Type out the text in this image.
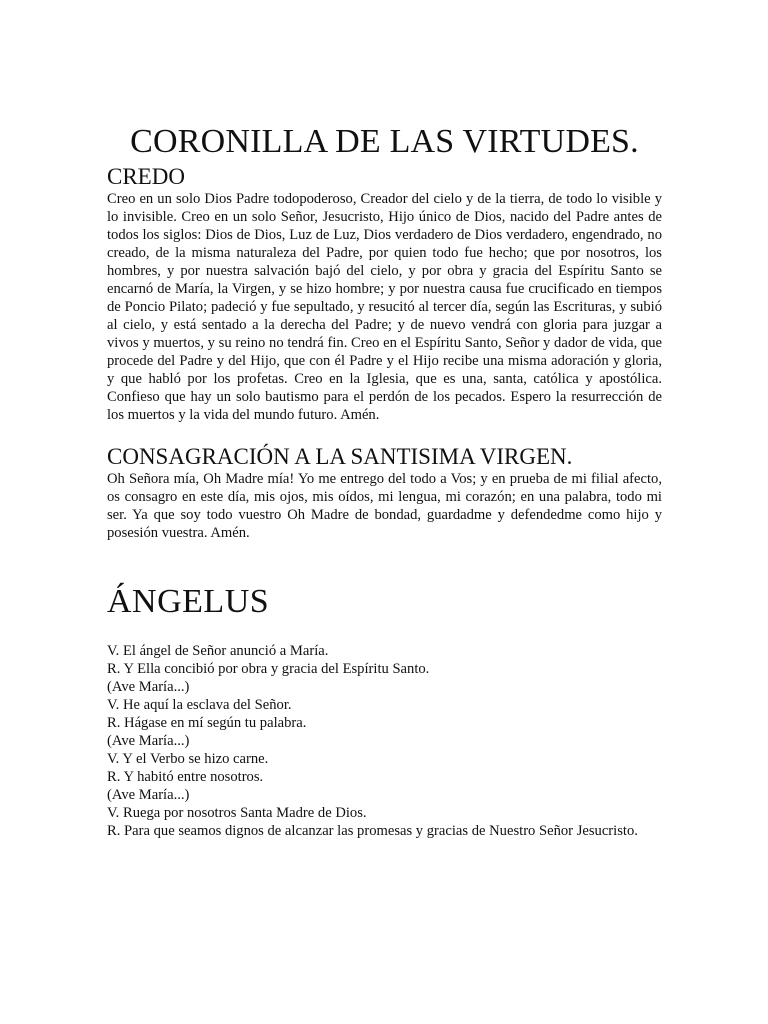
CORONILLA DE LAS VIRTUDES.
CREDO

Creo en un solo Dios Padre todopoderoso, Creador del cielo y de la tierra, de todo lo visible y lo invisible. Creo en un solo Señor, Jesucristo, Hijo único de Dios, nacido del Padre antes de todos los siglos: Dios de Dios, Luz de Luz, Dios verdadero de Dios verdadero, engendrado, no creado, de la misma naturaleza del Padre, por quien todo fue hecho; que por nosotros, los hombres, y por nuestra salvación bajó del cielo, y por obra y gracia del Espíritu Santo se encarnó de María, la Virgen, y se hizo hombre; y por nuestra causa fue crucificado en tiempos de Poncio Pilato; padeció y fue sepultado, y resucitó al tercer día, según las Escrituras, y subió al cielo, y está sentado a la derecha del Padre; y de nuevo vendrá con gloria para juzgar a vivos y muertos, y su reino no tendrá fin. Creo en el Espíritu Santo, Señor y dador de vida, que procede del Padre y del Hijo, que con él Padre y el Hijo recibe una misma adoración y gloria, y que habló por los profetas. Creo en la Iglesia, que es una, santa, católica y apostólica. Confieso que hay un solo bautismo para el perdón de los pecados. Espero la resurrección de los muertos y la vida del mundo futuro. Amén.

CONSAGRACIÓN A LA SANTISIMA VIRGEN.

Oh Señora mía, Oh Madre mía! Yo me entrego del todo a Vos; y en prueba de mi filial afecto, os consagro en este día, mis ojos, mis oídos, mi lengua, mi corazón; en una palabra, todo mi ser. Ya que soy todo vuestro Oh Madre de bondad, guardadme y defendedme como hijo y posesión vuestra. Amén.

ÁNGELUS

V. El ángel de Señor anunció a María.

R. Y Ella concibió por obra y gracia del Espíritu Santo.

(Ave María...)

V. He aquí la esclava del Señor.

R. Hágase en mí según tu palabra.

(Ave María...)

V. Y el Verbo se hizo carne.

R. Y habitó entre nosotros.

(Ave María...)

V. Ruega por nosotros Santa Madre de Dios.

R. Para que seamos dignos de alcanzar las promesas y gracias de Nuestro Señor Jesucristo.
